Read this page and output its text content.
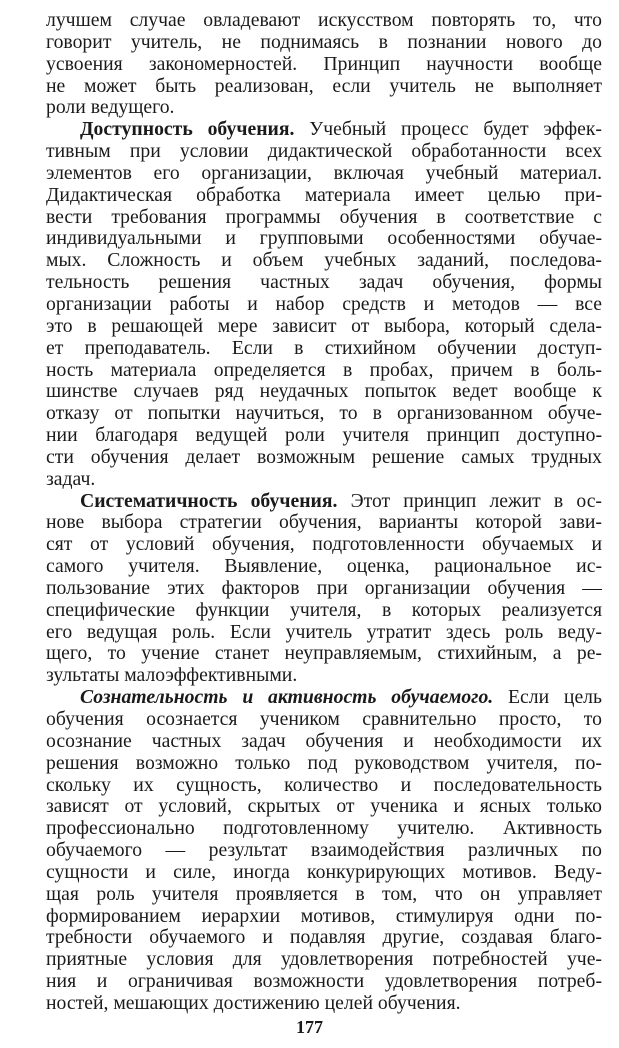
лучшем случае овладевают искусством повторять то, что
говорит учитель, не поднимаясь в познании нового до
усвоения закономерностей. Принцип научности вообще
не может быть реализован, если учитель не выполняет
роли ведущего.
Доступность обучения. Учебный процесс будет эффек-
тивным при условии дидактической обработанности всех
элементов его организации, включая учебный материал.
Дидактическая обработка материала имеет целью при-
вести требования программы обучения в соответствие с
индивидуальными и групповыми особенностями обучае-
мых. Сложность и объем учебных заданий, последова-
тельность решения частных задач обучения, формы
организации работы и набор средств и методов — все
это в решающей мере зависит от выбора, который сдела-
ет преподаватель. Если в стихийном обучении доступ-
ность материала определяется в пробах, причем в боль-
шинстве случаев ряд неудачных попыток ведет вообще к
отказу от попытки научиться, то в организованном обуче-
нии благодаря ведущей роли учителя принцип доступно-
сти обучения делает возможным решение самых трудных
задач.
Систематичность обучения. Этот принцип лежит в ос-
нове выбора стратегии обучения, варианты которой зави-
сят от условий обучения, подготовленности обучаемых и
самого учителя. Выявление, оценка, рациональное ис-
пользование этих факторов при организации обучения —
специфические функции учителя, в которых реализуется
его ведущая роль. Если учитель утратит здесь роль веду-
щего, то учение станет неуправляемым, стихийным, а ре-
зультаты малоэффективными.
Сознательность и активность обучаемого. Если цель
обучения осознается учеником сравнительно просто, то
осознание частных задач обучения и необходимости их
решения возможно только под руководством учителя, по-
скольку их сущность, количество и последовательность
зависят от условий, скрытых от ученика и ясных только
профессионально подготовленному учителю. Активность
обучаемого — результат взаимодействия различных по
сущности и силе, иногда конкурирующих мотивов. Веду-
щая роль учителя проявляется в том, что он управляет
формированием иерархии мотивов, стимулируя одни по-
требности обучаемого и подавляя другие, создавая благо-
приятные условия для удовлетворения потребностей уче-
ния и ограничивая возможности удовлетворения потреб-
ностей, мешающих достижению целей обучения.
177
